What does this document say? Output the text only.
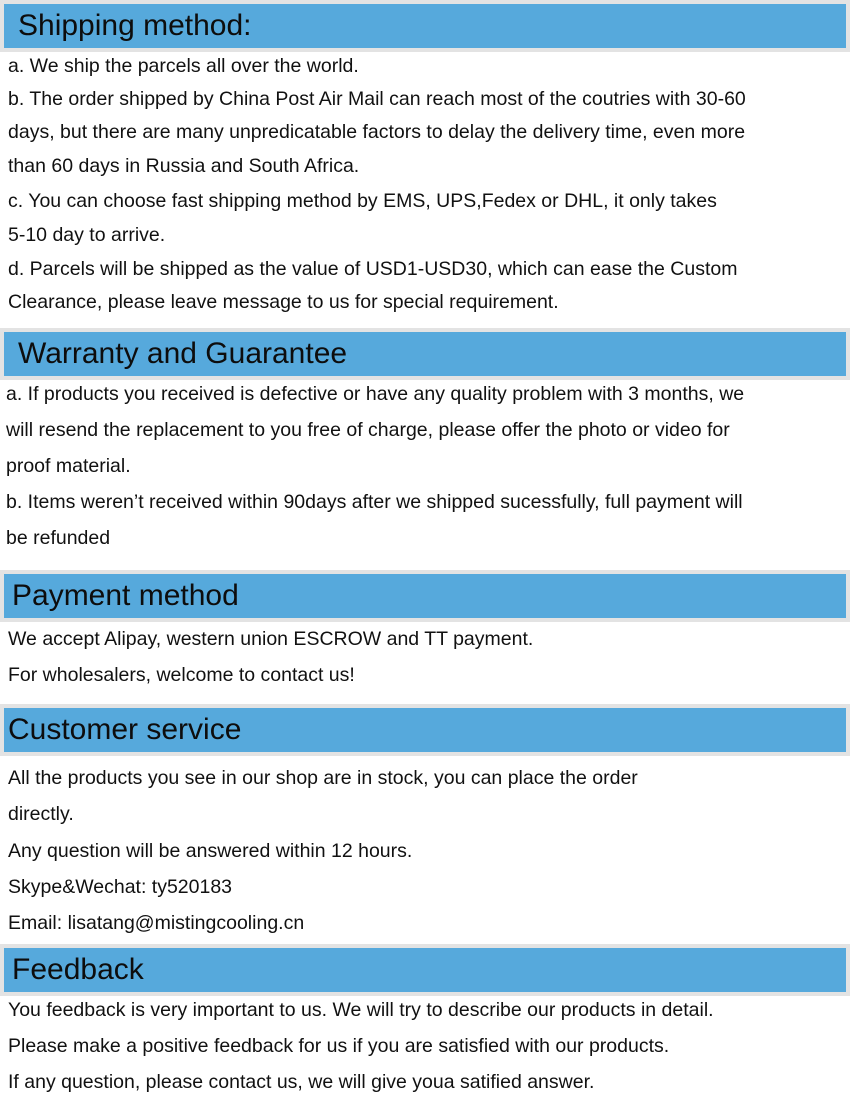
Shipping method:
a. We ship the parcels all over the world.
b. The order shipped by China Post Air Mail can reach most of the coutries with 30-60
days, but there are many unpredicatable factors to delay the delivery time, even more
than 60 days in Russia and South Africa.
c. You can choose fast shipping method by EMS, UPS,Fedex or DHL, it only takes
5-10 day to arrive.
d. Parcels will be shipped as the value of USD1-USD30, which can ease the Custom
Clearance, please leave message to us for special requirement.
Warranty and Guarantee
a. If products you received is defective or have any quality problem with 3 months, we
will resend the replacement to you free of charge, please offer the photo or video for
proof material.
b. Items weren’t received within 90days after we shipped sucessfully, full payment will
be refunded
Payment method
We accept Alipay, western union ESCROW and TT payment.
For wholesalers, welcome to contact us!
Customer service
All the products you see in our shop are in stock, you can place the order
directly.
Any question will be answered within 12 hours.
Skype&Wechat: ty520183
Email: lisatang@mistingcooling.cn
Feedback
You feedback is very important to us. We will try to describe our products in detail.
Please make a positive feedback for us if you are satisfied with our products.
If any question, please contact us, we will give youa satified answer.
